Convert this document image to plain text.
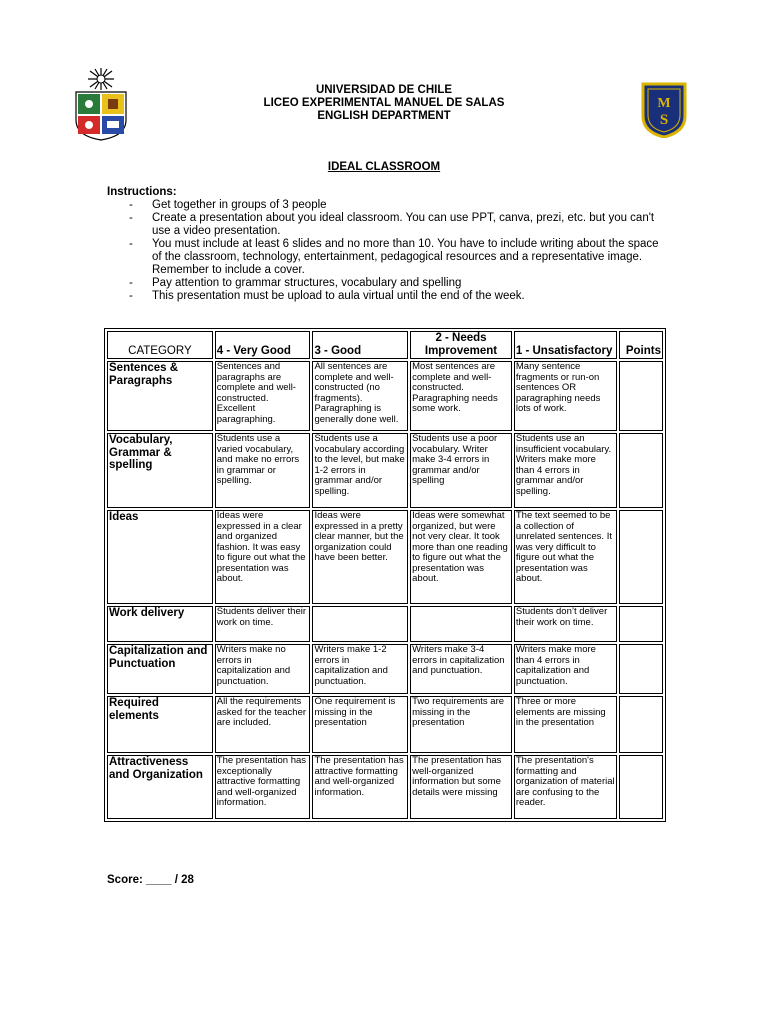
M
S
UNIVERSIDAD DE CHILE
LICEO EXPERIMENTAL MANUEL DE SALAS
ENGLISH DEPARTMENT
IDEAL CLASSROOM
Instructions:
- Get together in groups of 3 people
- Create a presentation about you ideal classroom. You can use PPT, canva, prezi, etc. but you can't use a video presentation.
- You must include at least 6 slides and no more than 10. You have to include writing about the space of the classroom, technology, entertainment, pedagogical resources and a representative image. Remember to include a cover.
- Pay attention to grammar structures, vocabulary and spelling
- This presentation must be upload to aula virtual until the end of the week.
CATEGORY	4 - Very Good	3 - Good	2 - Needs Improvement	1 - Unsatisfactory	Points
Sentences & Paragraphs	Sentences and paragraphs are complete and well-constructed. Excellent paragraphing.	All sentences are complete and well-constructed (no fragments). Paragraphing is generally done well.	Most sentences are complete and well-constructed. Paragraphing needs some work.	Many sentence fragments or run-on sentences OR paragraphing needs lots of work.	
Vocabulary, Grammar & spelling	Students use a varied vocabulary, and make no errors in grammar or spelling.	Students use a vocabulary according to the level, but make 1-2 errors in grammar and/or spelling.	Students use a poor vocabulary. Writer make 3-4 errors in grammar and/or spelling	Students use an insufficient vocabulary. Writers make more than 4 errors in grammar and/or spelling.	
Ideas	Ideas were expressed in a clear and organized fashion. It was easy to figure out what the presentation was about.	Ideas were expressed in a pretty clear manner, but the organization could have been better.	Ideas were somewhat organized, but were not very clear. It took more than one reading to figure out what the presentation was about.	The text seemed to be a collection of unrelated sentences. It was very difficult to figure out what the presentation was about.	
Work delivery	Students deliver their work on time.			Students don’t deliver their work on time.	
Capitalization and Punctuation	Writers make no errors in capitalization and punctuation.	Writers make 1-2 errors in capitalization and punctuation.	Writers make 3-4 errors in capitalization and punctuation.	Writers make more than 4 errors in capitalization and punctuation.	
Required elements	All the requirements asked for the teacher are included.	One requirement is missing in the presentation	Two requirements are missing in the presentation	Three or more elements are missing in the presentation	
Attractiveness and Organization	The presentation has exceptionally attractive formatting and well-organized information.	The presentation has attractive formatting and well-organized information.	The presentation has well-organized information but some details were missing	The presentation's formatting and organization of material are confusing to the reader.	
Score: ____ / 28
